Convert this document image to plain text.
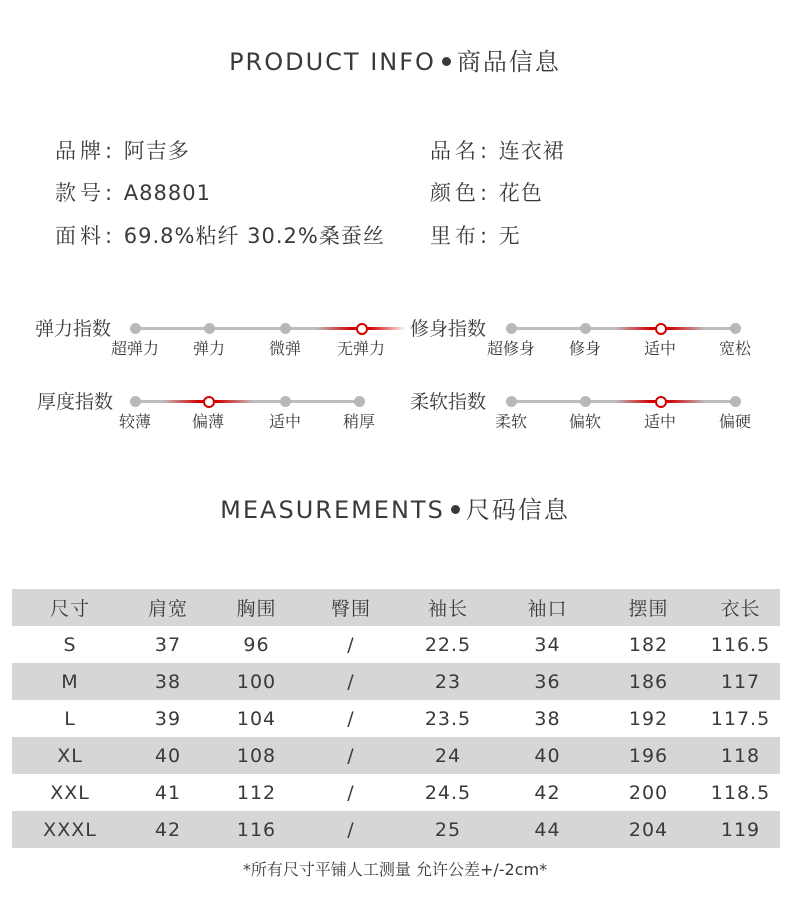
PRODUCT INFO 商品信息
品牌: 阿吉多	品名: 连衣裙
款号: A88801	颜色: 花色
面料: 69.8%粘纤 30.2%桑蚕丝 里布: 无
弹力指数
超弹力 弹力	微弹 无弹力
修身指数
超修身 修身	适中	宽松
厚度指数
较薄	偏薄	适中	稍厚
柔软指数
柔软	偏软	适中	偏硬
MEASUREMENTS 尺码信息
尺寸	肩宽	胸围	臀围	袖长	袖口	摆围	衣长
S	37	96	/	22.5	34	182	116.5
M	38	100	/	23	36	186	117
L	39	104	/	23.5	38	192	117.5
XL	40	108	/	24	40	196	118
XXL	41	112	/	24.5	42	200	118.5
XXXL	42	116	/	25	44	204	119
*所有尺寸平铺人工测量 允许公差+/-2cm*
